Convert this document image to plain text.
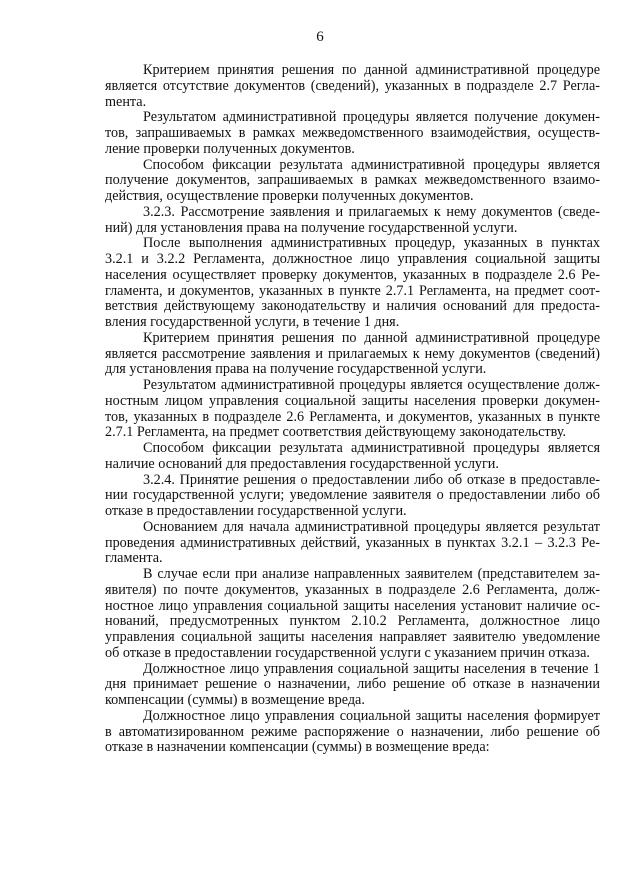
6

Критерием принятия решения по данной административной процедуре является отсутствие документов (сведений), указанных в подразделе 2.7 Реглаmента.

Результатом административной процедуры является получение документов, запрашиваемых в рамках межведомственного взаимодействия, осуществление проверки полученных документов.

Способом фиксации результата административной процедуры является получение документов, запрашиваемых в рамках межведомственного взаимодействия, осуществление проверки полученных документов.

3.2.3. Рассмотрение заявления и прилагаемых к нему документов (сведений) для установления права на получение государственной услуги.

После выполнения административных процедур, указанных в пунктах 3.2.1 и 3.2.2 Регламента, должностное лицо управления социальной защиты населения осуществляет проверку документов, указанных в подразделе 2.6 Регламента, и документов, указанных в пункте 2.7.1 Регламента, на предмет соответствия действующему законодательству и наличия оснований для предоставления государственной услуги, в течение 1 дня.

Критерием принятия решения по данной административной процедуре является рассмотрение заявления и прилагаемых к нему документов (сведений) для установления права на получение государственной услуги.

Результатом административной процедуры является осуществление должностным лицом управления социальной защиты населения проверки документов, указанных в подразделе 2.6 Регламента, и документов, указанных в пункте 2.7.1 Регламента, на предмет соответствия действующему законодательству.

Способом фиксации результата административной процедуры является наличие оснований для предоставления государственной услуги.

3.2.4. Принятие решения о предоставлении либо об отказе в предоставлении государственной услуги; уведомление заявителя о предоставлении либо об отказе в предоставлении государственной услуги.

Основанием для начала административной процедуры является результат проведения административных действий, указанных в пунктах 3.2.1 – 3.2.3 Регламента.

В случае если при анализе направленных заявителем (представителем заявителя) по почте документов, указанных в подразделе 2.6 Регламента, должностное лицо управления социальной защиты населения установит наличие оснований, предусмотренных пунктом 2.10.2 Регламента, должностное лицо управления социальной защиты населения направляет заявителю уведомление об отказе в предоставлении государственной услуги с указанием причин отказа.

Должностное лицо управления социальной защиты населения в течение 1 дня принимает решение о назначении, либо решение об отказе в назначении компенсации (суммы) в возмещение вреда.

Должностное лицо управления социальной защиты населения формирует в автоматизированном режиме распоряжение о назначении, либо решение об отказе в назначении компенсации (суммы) в возмещение вреда:
